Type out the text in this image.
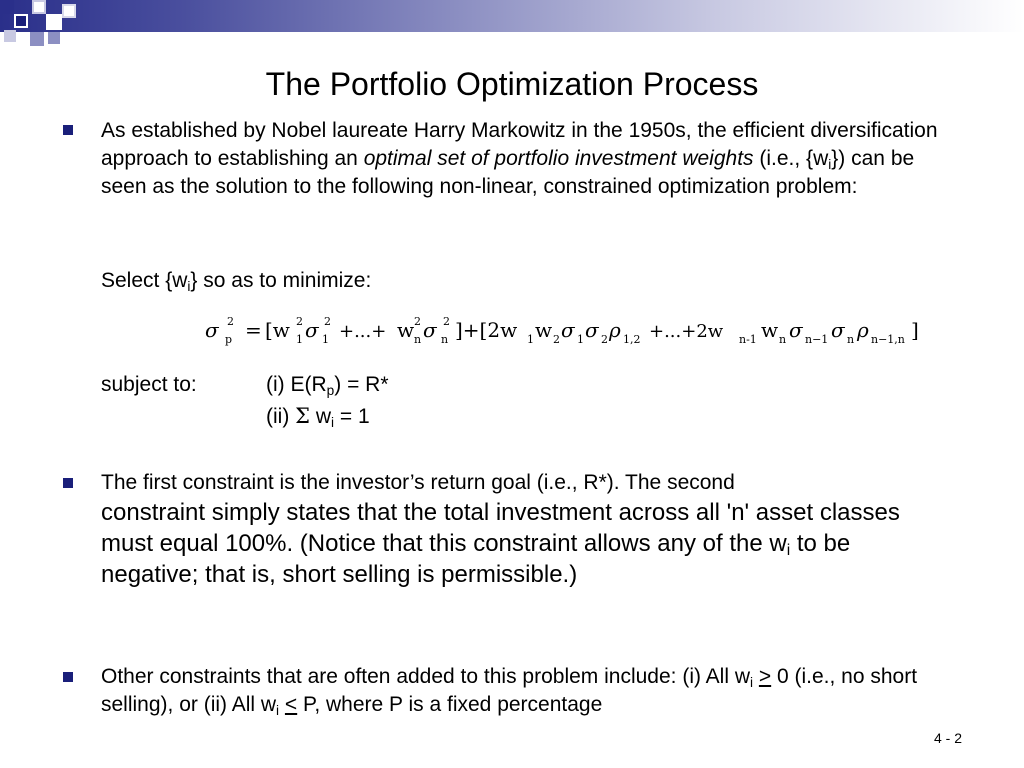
The Portfolio Optimization Process
As established by Nobel laureate Harry Markowitz in the 1950s, the efficient diversification approach to establishing an optimal set of portfolio investment weights (i.e., $\{w_i\}$) can be seen as the solution to the following non-linear, constrained optimization problem:
Select $\{w_i\}$ so as to minimize:
σ 2
p = [w 2
1 σ 2
1 +...+ w 2
n σ 2
n ]+[2w 1 w 2 σ 1 σ 2 ρ 1,2 +...+2w n-1 w n σ n−1 σ n ρ n−1,n ]
subject to:	(i) $E(R_p) = R*$
(ii) Σ $w_i = 1$
The first constraint is the investor’s return goal (i.e., R*). The second
constraint simply states that the total investment across all 'n' asset classes must equal 100%. (Notice that this constraint allows any of the $w_i$ to be negative; that is, short selling is permissible.)
Other constraints that are often added to this problem include: (i) All $w_i > 0$ (i.e., no short selling), or (ii) All $w_i < P$, where P is a fixed percentage
4 - 2
